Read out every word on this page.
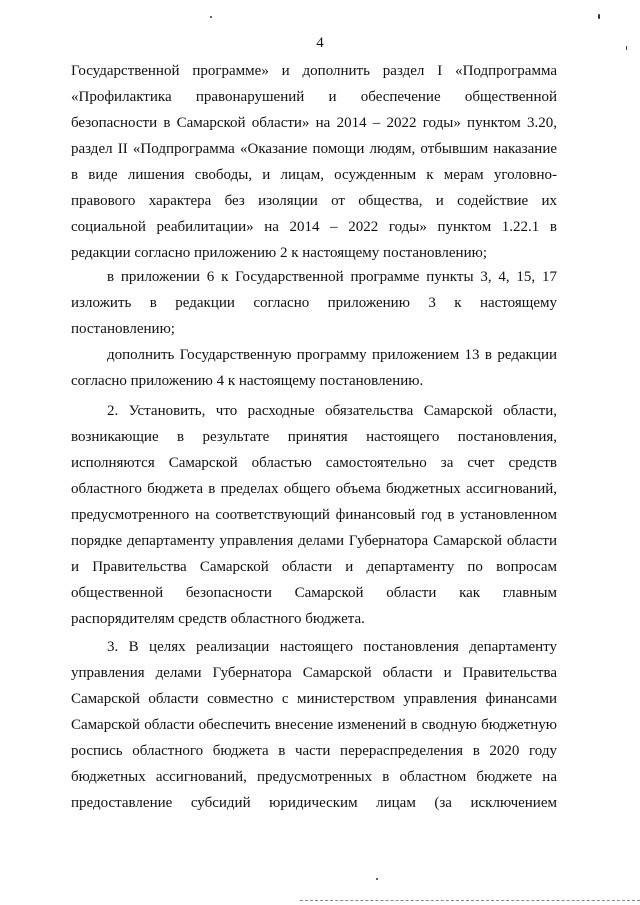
4
Государственной программе» и дополнить раздел I «Подпрограмма
«Профилактика правонарушений и обеспечение общественной
безопасности в Самарской области» на 2014 – 2022 годы» пунктом 3.20,
раздел II «Подпрограмма «Оказание помощи людям, отбывшим наказание
в виде лишения свободы, и лицам, осужденным к мерам уголовно-
правового характера без изоляции от общества, и содействие их
социальной реабилитации» на 2014 – 2022 годы» пунктом 1.22.1 в
редакции согласно приложению 2 к настоящему постановлению;
в приложении 6 к Государственной программе пункты 3, 4, 15, 17
изложить в редакции согласно приложению 3 к настоящему
постановлению;
дополнить Государственную программу приложением 13 в редакции
согласно приложению 4 к настоящему постановлению.
2. Установить, что расходные обязательства Самарской области,
возникающие в результате принятия настоящего постановления,
исполняются Самарской областью самостоятельно за счет средств
областного бюджета в пределах общего объема бюджетных ассигнований,
предусмотренного на соответствующий финансовый год в установленном
порядке департаменту управления делами Губернатора Самарской области
и Правительства Самарской области и департаменту по вопросам
общественной безопасности Самарской области как главным
распорядителям средств областного бюджета.
3. В целях реализации настоящего постановления департаменту
управления делами Губернатора Самарской области и Правительства
Самарской области совместно с министерством управления финансами
Самарской области обеспечить внесение изменений в сводную бюджетную
роспись областного бюджета в части перераспределения в 2020 году
бюджетных ассигнований, предусмотренных в областном бюджете на
предоставление субсидий юридическим лицам (за исключением
